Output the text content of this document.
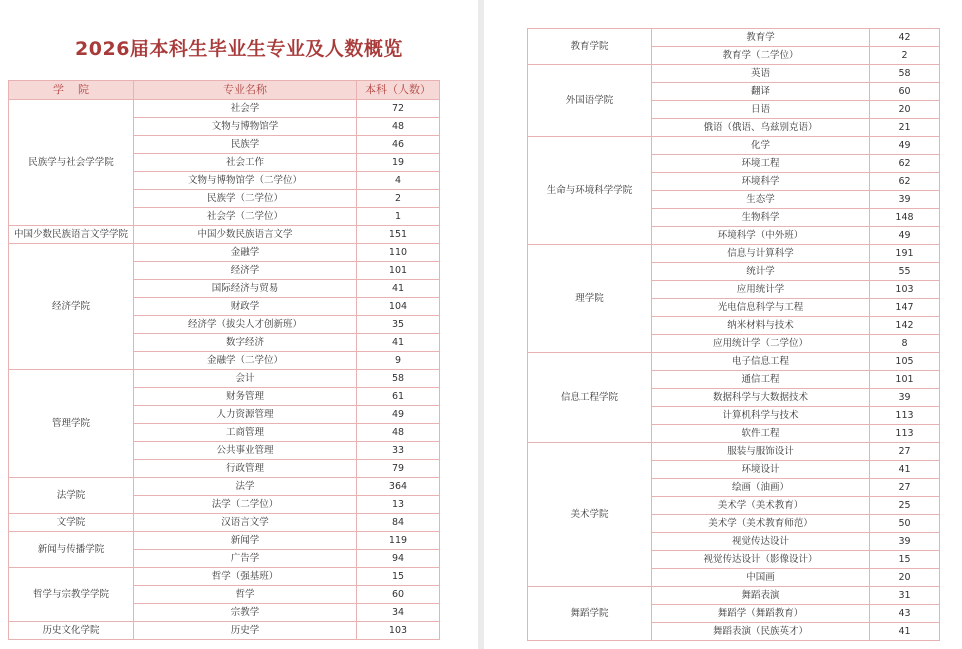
2026届本科生毕业生专业及人数概览
学    院	专业名称	本科（人数）
民族学与社会学学院	社会学	72
	文物与博物馆学	48
	民族学	46
	社会工作	19
	文物与博物馆学（二学位）	4
	民族学（二学位）	2
	社会学（二学位）	1
中国少数民族语言文学学院	中国少数民族语言文学	151
经济学院	金融学	110
	经济学	101
	国际经济与贸易	41
	财政学	104
	经济学（拔尖人才创新班）	35
	数字经济	41
	金融学（二学位）	9
管理学院	会计	58
	财务管理	61
	人力资源管理	49
	工商管理	48
	公共事业管理	33
	行政管理	79
法学院	法学	364
	法学（二学位）	13
文学院	汉语言文学	84
新闻与传播学院	新闻学	119
	广告学	94
哲学与宗教学学院	哲学（强基班）	15
	哲学	60
	宗教学	34
历史文化学院	历史学	103
教育学院	教育学	42
	教育学（二学位）	2
外国语学院	英语	58
	翻译	60
	日语	20
	俄语（俄语、乌兹别克语）	21
生命与环境科学学院	化学	49
	环境工程	62
	环境科学	62
	生态学	39
	生物科学	148
	环境科学（中外班）	49
理学院	信息与计算科学	191
	统计学	55
	应用统计学	103
	光电信息科学与工程	147
	纳米材料与技术	142
	应用统计学（二学位）	8
信息工程学院	电子信息工程	105
	通信工程	101
	数据科学与大数据技术	39
	计算机科学与技术	113
	软件工程	113
美术学院	服装与服饰设计	27
	环境设计	41
	绘画（油画）	27
	美术学（美术教育）	25
	美术学（美术教育师范）	50
	视觉传达设计	39
	视觉传达设计（影像设计）	15
	中国画	20
舞蹈学院	舞蹈表演	31
	舞蹈学（舞蹈教育）	43
	舞蹈表演（民族英才）	41
